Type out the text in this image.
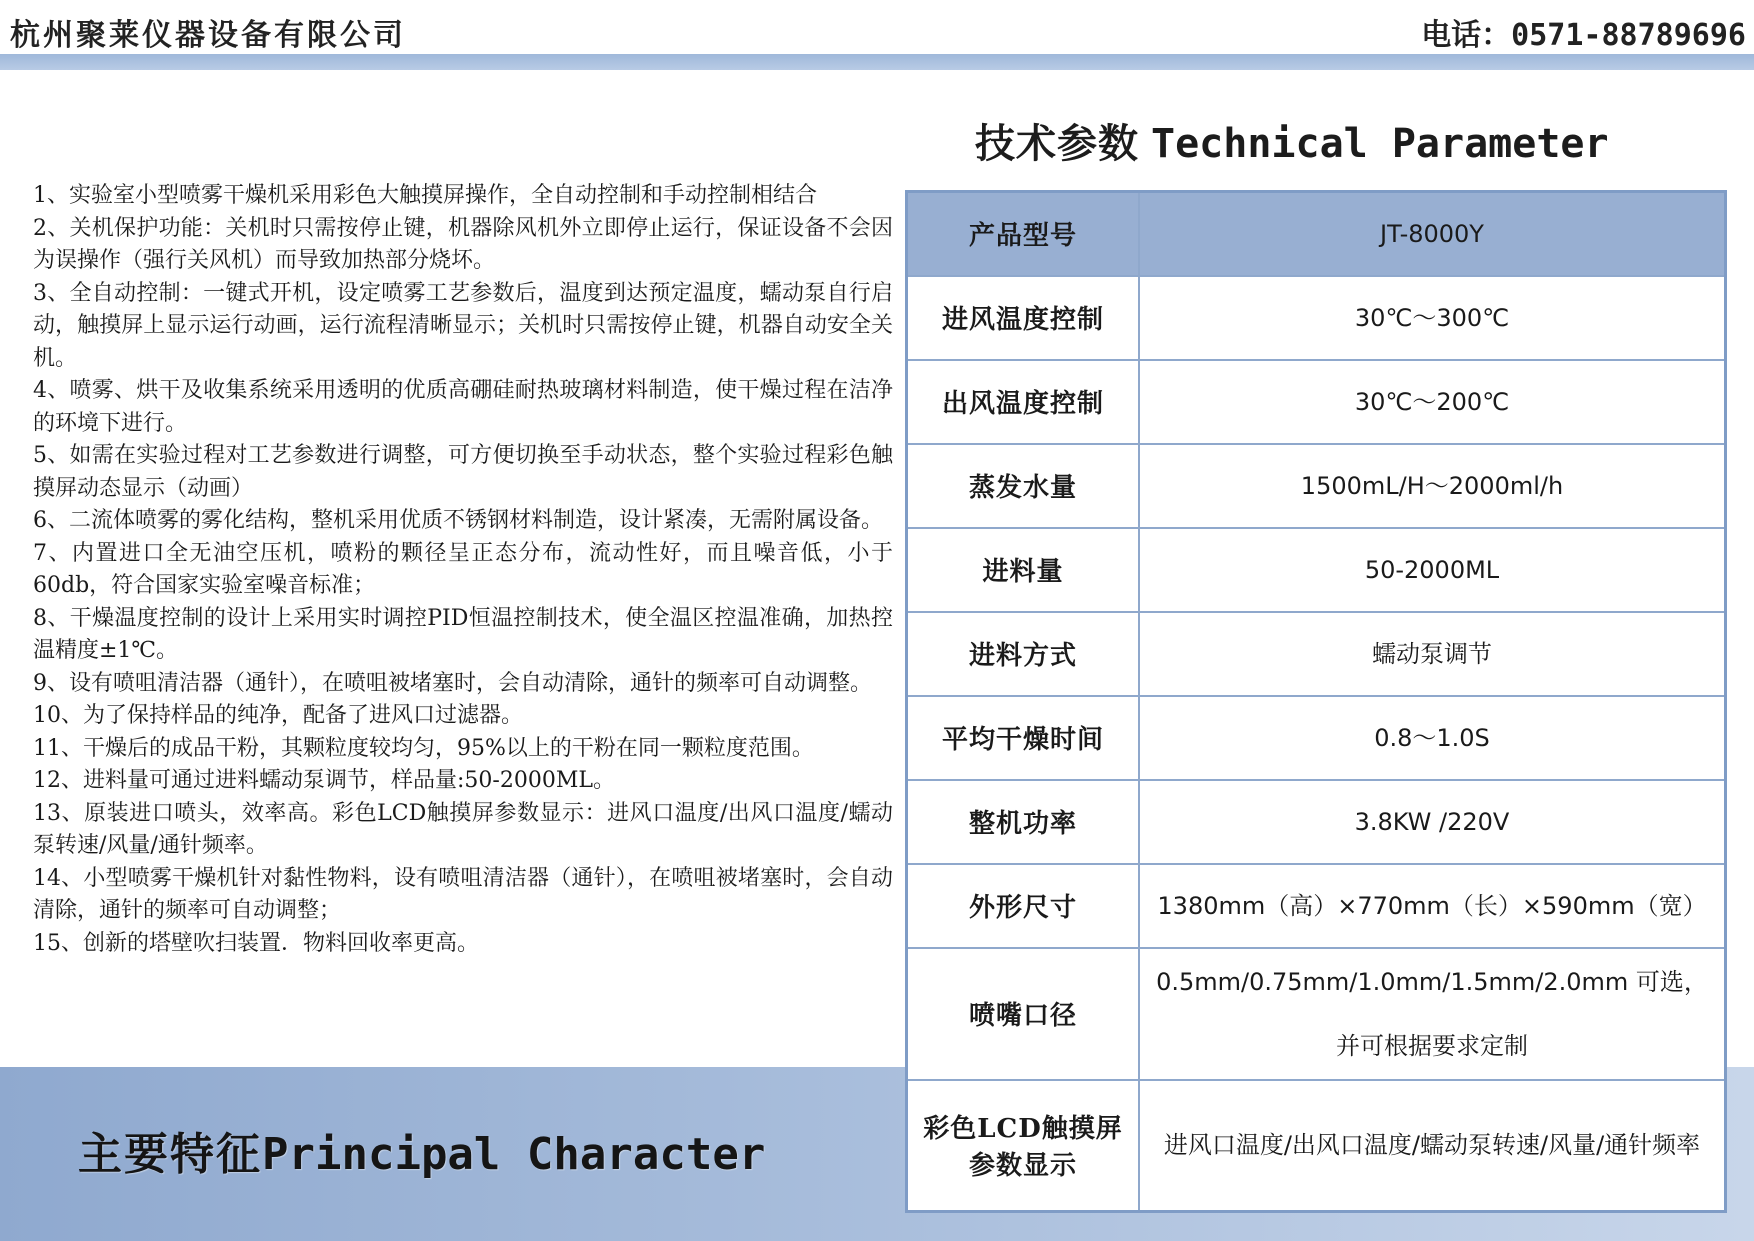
杭州聚莱仪器设备有限公司	电话：0571-88789696
技术参数 Technical Parameter

1、实验室小型喷雾干燥机采用彩色大触摸屏操作，全自动控制和手动控制相结合

2、关机保护功能：关机时只需按停止键，机器除风机外立即停止运行，保证设备不会因为误操作（强行关风机）而导致加热部分烧坏。

3、全自动控制：一键式开机，设定喷雾工艺参数后，温度到达预定温度，蠕动泵自行启动，触摸屏上显示运行动画，运行流程清晰显示；关机时只需按停止键，机器自动安全关机。

4、喷雾、烘干及收集系统采用透明的优质高硼硅耐热玻璃材料制造，使干燥过程在洁净的环境下进行。

5、如需在实验过程对工艺参数进行调整，可方便切换至手动状态，整个实验过程彩色触摸屏动态显示（动画）

6、二流体喷雾的雾化结构，整机采用优质不锈钢材料制造，设计紧凑，无需附属设备。

7、内置进口全无油空压机，喷粉的颗径呈正态分布，流动性好，而且噪音低，小于60db，符合国家实验室噪音标准；

8、干燥温度控制的设计上采用实时调控PID恒温控制技术，使全温区控温准确，加热控温精度±1℃。

9、设有喷咀清洁器（通针），在喷咀被堵塞时，会自动清除，通针的频率可自动调整。

10、为了保持样品的纯净，配备了进风口过滤器。

11、干燥后的成品干粉，其颗粒度较均匀，95%以上的干粉在同一颗粒度范围。

12、进料量可通过进料蠕动泵调节，样品量:50-2000ML。

13、原装进口喷头，效率高。彩色LCD触摸屏参数显示：进风口温度/出风口温度/蠕动泵转速/风量/通针频率。

14、小型喷雾干燥机针对黏性物料，设有喷咀清洁器（通针），在喷咀被堵塞时，会自动清除，通针的频率可自动调整；

15、创新的塔壁吹扫装置．物料回收率更高。

主要特征Principal Character
产品型号	JT-8000Y
进风温度控制	30℃～300℃
出风温度控制	30℃～200℃
蒸发水量	1500mL/H～2000ml/h
进料量	50-2000ML
进料方式	蠕动泵调节
平均干燥时间	0.8～1.0S
整机功率	3.8KW /220V
外形尺寸	1380mm（高）×770mm（长）×590mm（宽）
喷嘴口径	0.5mm/0.75mm/1.0mm/1.5mm/2.0mm 可选，并可根据要求定制
彩色LCD触摸屏参数显示	进风口温度/出风口温度/蠕动泵转速/风量/通针频率
